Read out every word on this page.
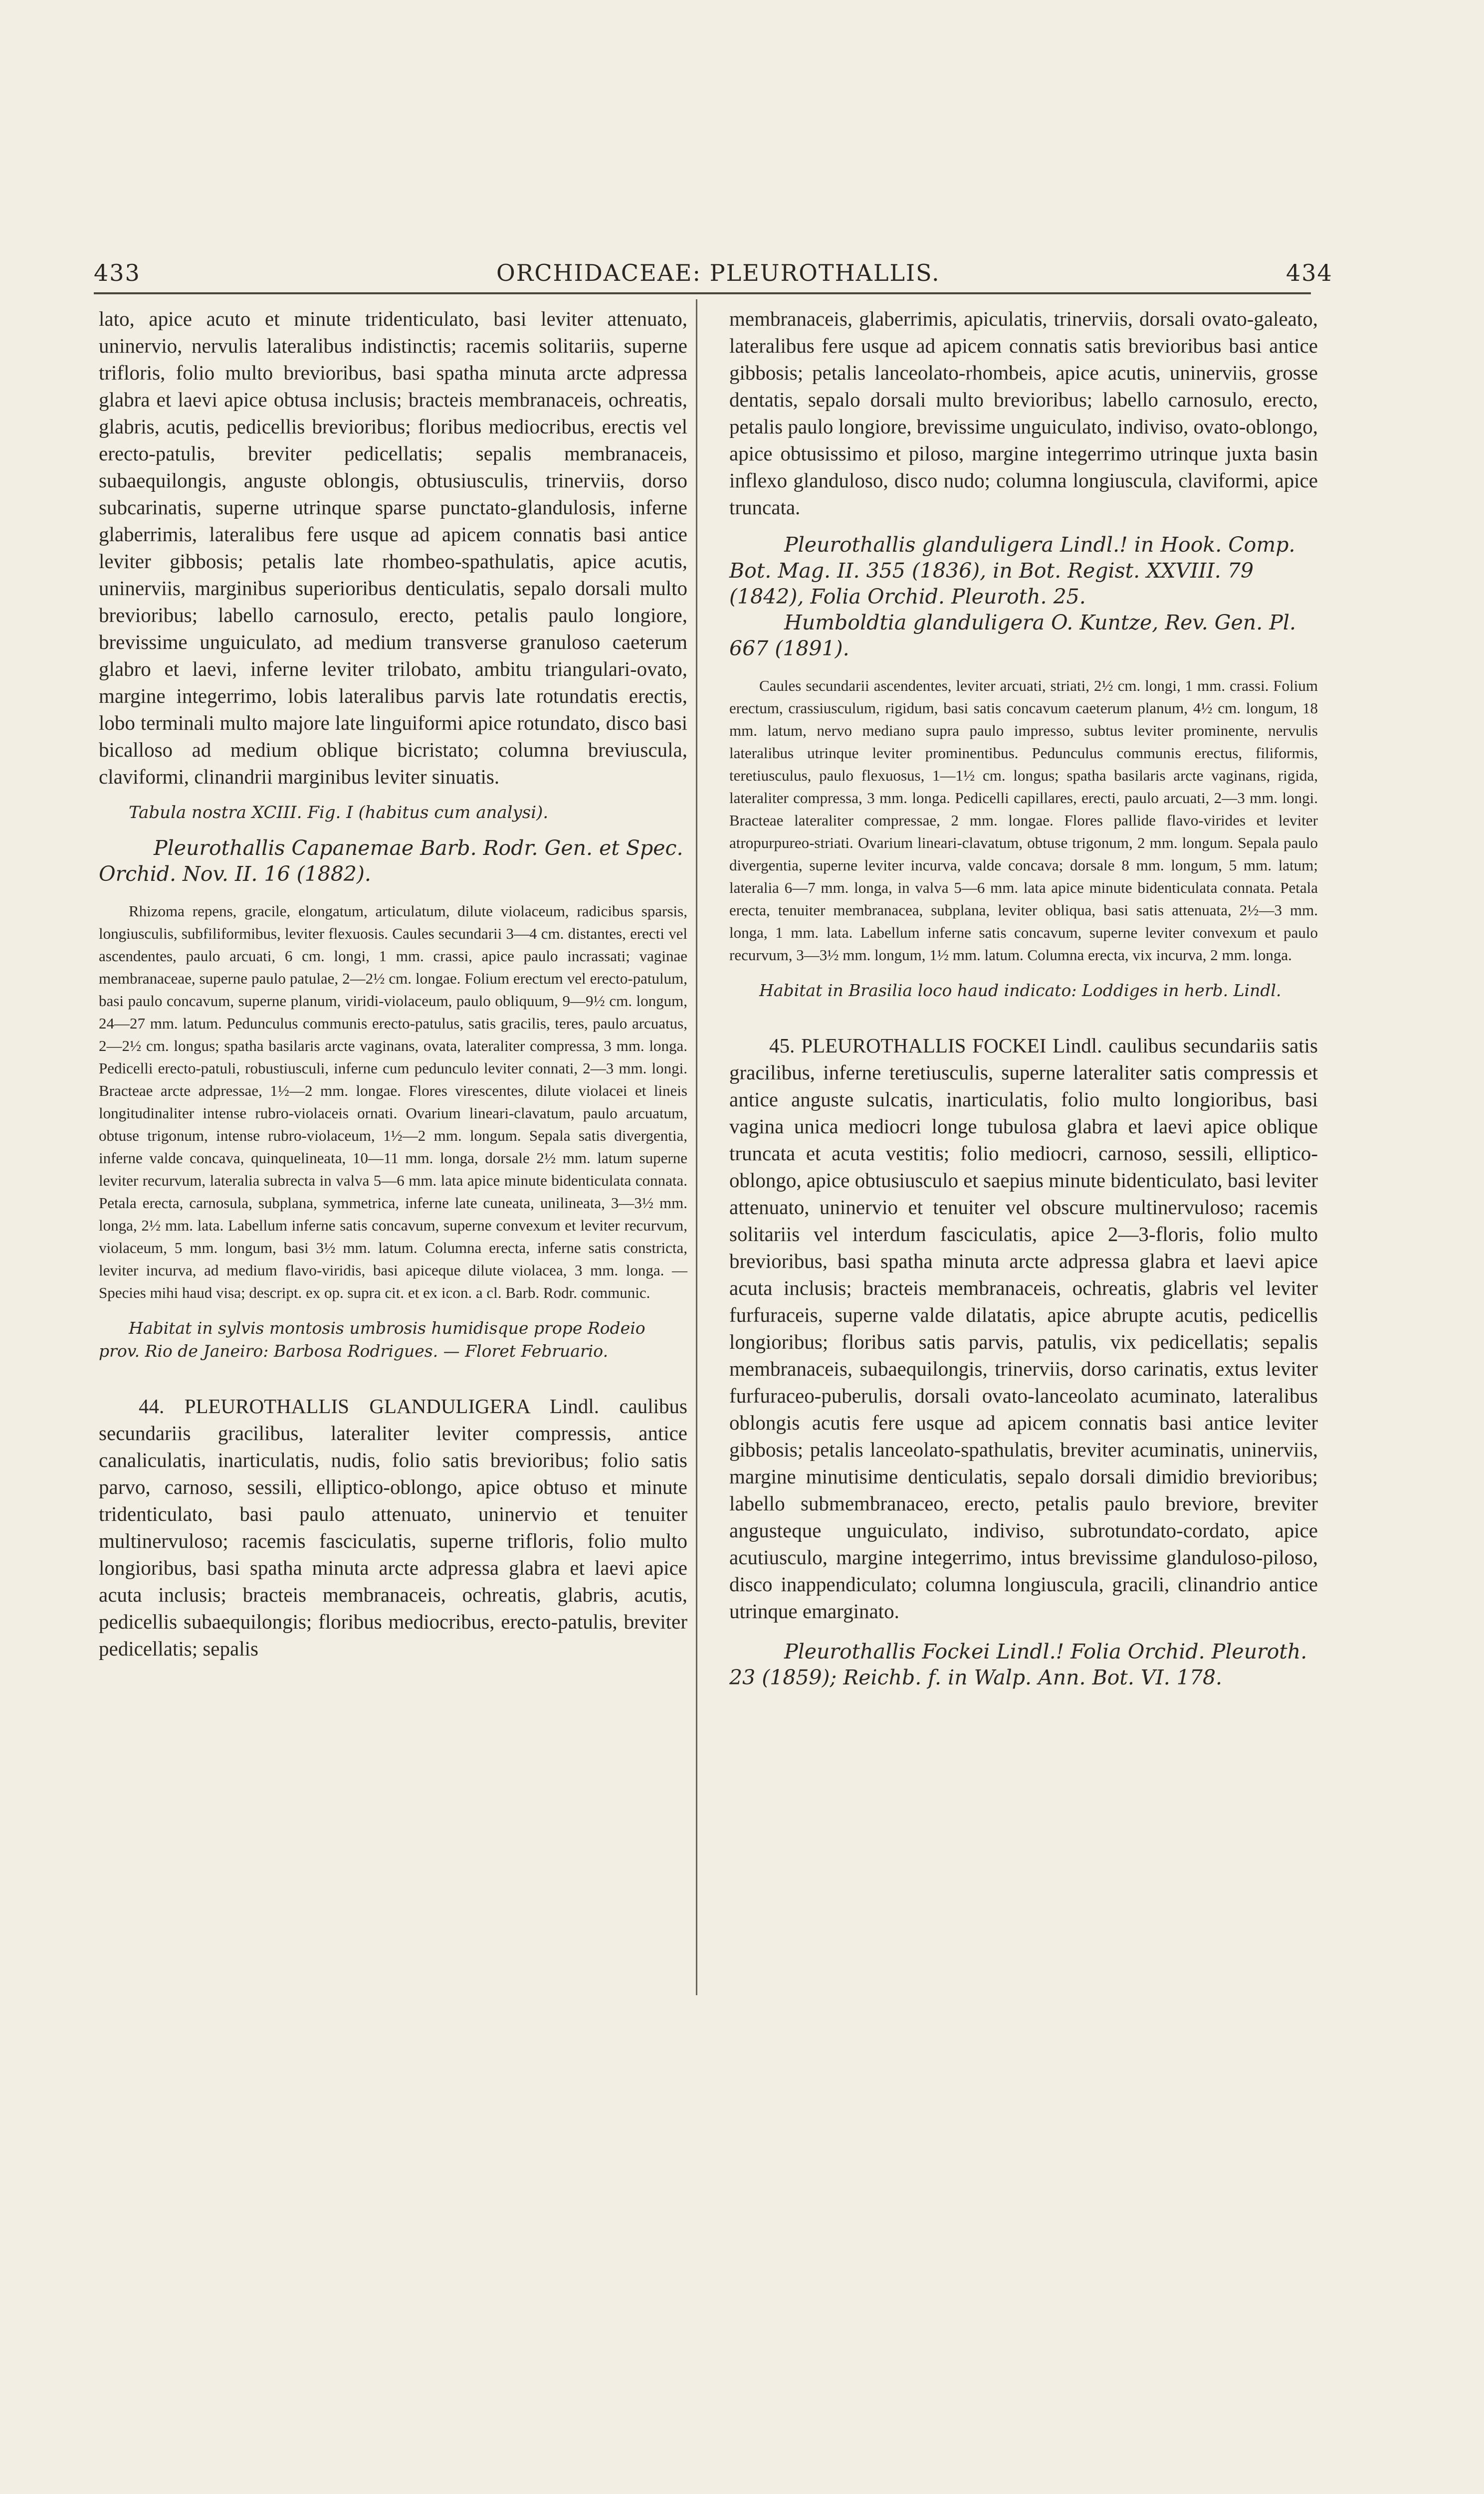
433	ORCHIDACEAE: PLEUROTHALLIS.	434

lato, apice acuto et minute tridenticulato, basi leviter attenuato, uninervio, nervulis lateralibus indistinctis; racemis solitariis, superne trifloris, folio multo brevioribus, basi spatha minuta arcte adpressa glabra et laevi apice obtusa inclusis; bracteis membranaceis, ochreatis, glabris, acutis, pedicellis brevioribus; floribus mediocribus, erectis vel erecto-patulis, breviter pedicellatis; sepalis membranaceis, subaequilongis, anguste oblongis, obtusiusculis, trinerviis, dorso subcarinatis, superne utrinque sparse punctato-glandulosis, inferne glaberrimis, lateralibus fere usque ad apicem connatis basi antice leviter gibbosis; petalis late rhombeo-spathulatis, apice acutis, uninerviis, marginibus superioribus denticulatis, sepalo dorsali multo brevioribus; labello carnosulo, erecto, petalis paulo longiore, brevissime unguiculato, ad medium transverse granuloso caeterum glabro et laevi, inferne leviter trilobato, ambitu triangulari-ovato, margine integerrimo, lobis lateralibus parvis late rotundatis erectis, lobo terminali multo majore late linguiformi apice rotundato, disco basi bicalloso ad medium oblique bicristato; columna breviuscula, claviformi, clinandrii marginibus leviter sinuatis.

Tabula nostra XCIII. Fig. I (habitus cum analysi).

Pleurothallis Capanemae Barb. Rodr. Gen. et Spec. Orchid. Nov. II. 16 (1882).

Rhizoma repens, gracile, elongatum, articulatum, dilute violaceum, radicibus sparsis, longiusculis, subfiliformibus, leviter flexuosis. Caules secundarii 3—4 cm. distantes, erecti vel ascendentes, paulo arcuati, 6 cm. longi, 1 mm. crassi, apice paulo incrassati; vaginae membranaceae, superne paulo patulae, 2—2½ cm. longae. Folium erectum vel erecto-patulum, basi paulo concavum, superne planum, viridi-violaceum, paulo obliquum, 9—9½ cm. longum, 24—27 mm. latum. Pedunculus communis erecto-patulus, satis gracilis, teres, paulo arcuatus, 2—2½ cm. longus; spatha basilaris arcte vaginans, ovata, lateraliter compressa, 3 mm. longa. Pedicelli erecto-patuli, robustiusculi, inferne cum pedunculo leviter connati, 2—3 mm. longi. Bracteae arcte adpressae, 1½—2 mm. longae. Flores virescentes, dilute violacei et lineis longitudinaliter intense rubro-violaceis ornati. Ovarium lineari-clavatum, paulo arcuatum, obtuse trigonum, intense rubro-violaceum, 1½—2 mm. longum. Sepala satis divergentia, inferne valde concava, quinquelineata, 10—11 mm. longa, dorsale 2½ mm. latum superne leviter recurvum, lateralia subrecta in valva 5—6 mm. lata apice minute bidenticulata connata. Petala erecta, carnosula, subplana, symmetrica, inferne late cuneata, unilineata, 3—3½ mm. longa, 2½ mm. lata. Labellum inferne satis concavum, superne convexum et leviter recurvum, violaceum, 5 mm. longum, basi 3½ mm. latum. Columna erecta, inferne satis constricta, leviter incurva, ad medium flavo-viridis, basi apiceque dilute violacea, 3 mm. longa. — Species mihi haud visa; descript. ex op. supra cit. et ex icon. a cl. Barb. Rodr. communic.

Habitat in sylvis montosis umbrosis humidisque prope Rodeio prov. Rio de Janeiro: Barbosa Rodrigues. — Floret Februario.

44. PLEUROTHALLIS GLANDULIGERA Lindl. caulibus secundariis gracilibus, lateraliter leviter compressis, antice canaliculatis, inarticulatis, nudis, folio satis brevioribus; folio satis parvo, carnoso, sessili, elliptico-oblongo, apice obtuso et minute tridenticulato, basi paulo attenuato, uninervio et tenuiter multinervuloso; racemis fasciculatis, superne trifloris, folio multo longioribus, basi spatha minuta arcte adpressa glabra et laevi apice acuta inclusis; bracteis membranaceis, ochreatis, glabris, acutis, pedicellis subaequilongis; floribus mediocribus, erecto-patulis, breviter pedicellatis; sepalis

membranaceis, glaberrimis, apiculatis, trinerviis, dorsali ovato-galeato, lateralibus fere usque ad apicem connatis satis brevioribus basi antice gibbosis; petalis lanceolato-rhombeis, apice acutis, uninerviis, grosse dentatis, sepalo dorsali multo brevioribus; labello carnosulo, erecto, petalis paulo longiore, brevissime unguiculato, indiviso, ovato-oblongo, apice obtusissimo et piloso, margine integerrimo utrinque juxta basin inflexo glanduloso, disco nudo; columna longiuscula, claviformi, apice truncata.

Pleurothallis glanduligera Lindl.! in Hook. Comp. Bot. Mag. II. 355 (1836), in Bot. Regist. XXVIII. 79 (1842), Folia Orchid. Pleuroth. 25.

Humboldtia glanduligera O. Kuntze, Rev. Gen. Pl. 667 (1891).

Caules secundarii ascendentes, leviter arcuati, striati, 2½ cm. longi, 1 mm. crassi. Folium erectum, crassiusculum, rigidum, basi satis concavum caeterum planum, 4½ cm. longum, 18 mm. latum, nervo mediano supra paulo impresso, subtus leviter prominente, nervulis lateralibus utrinque leviter prominentibus. Pedunculus communis erectus, filiformis, teretiusculus, paulo flexuosus, 1—1½ cm. longus; spatha basilaris arcte vaginans, rigida, lateraliter compressa, 3 mm. longa. Pedicelli capillares, erecti, paulo arcuati, 2—3 mm. longi. Bracteae lateraliter compressae, 2 mm. longae. Flores pallide flavo-virides et leviter atropurpureo-striati. Ovarium lineari-clavatum, obtuse trigonum, 2 mm. longum. Sepala paulo divergentia, superne leviter incurva, valde concava; dorsale 8 mm. longum, 5 mm. latum; lateralia 6—7 mm. longa, in valva 5—6 mm. lata apice minute bidenticulata connata. Petala erecta, tenuiter membranacea, subplana, leviter obliqua, basi satis attenuata, 2½—3 mm. longa, 1 mm. lata. Labellum inferne satis concavum, superne leviter convexum et paulo recurvum, 3—3½ mm. longum, 1½ mm. latum. Columna erecta, vix incurva, 2 mm. longa.

Habitat in Brasilia loco haud indicato: Loddiges in herb. Lindl.

45. PLEUROTHALLIS FOCKEI Lindl. caulibus secundariis satis gracilibus, inferne teretiusculis, superne lateraliter satis compressis et antice anguste sulcatis, inarticulatis, folio multo longioribus, basi vagina unica mediocri longe tubulosa glabra et laevi apice oblique truncata et acuta vestitis; folio mediocri, carnoso, sessili, elliptico-oblongo, apice obtusiusculo et saepius minute bidenticulato, basi leviter attenuato, uninervio et tenuiter vel obscure multinervuloso; racemis solitariis vel interdum fasciculatis, apice 2—3-floris, folio multo brevioribus, basi spatha minuta arcte adpressa glabra et laevi apice acuta inclusis; bracteis membranaceis, ochreatis, glabris vel leviter furfuraceis, superne valde dilatatis, apice abrupte acutis, pedicellis longioribus; floribus satis parvis, patulis, vix pedicellatis; sepalis membranaceis, subaequilongis, trinerviis, dorso carinatis, extus leviter furfuraceo-puberulis, dorsali ovato-lanceolato acuminato, lateralibus oblongis acutis fere usque ad apicem connatis basi antice leviter gibbosis; petalis lanceolato-spathulatis, breviter acuminatis, uninerviis, margine minutisime denticulatis, sepalo dorsali dimidio brevioribus; labello submembranaceo, erecto, petalis paulo breviore, breviter angusteque unguiculato, indiviso, subrotundato-cordato, apice acutiusculo, margine integerrimo, intus brevissime glanduloso-piloso, disco inappendiculato; columna longiuscula, gracili, clinandrio antice utrinque emarginato.

Pleurothallis Fockei Lindl.! Folia Orchid. Pleuroth. 23 (1859); Reichb. f. in Walp. Ann. Bot. VI. 178.
